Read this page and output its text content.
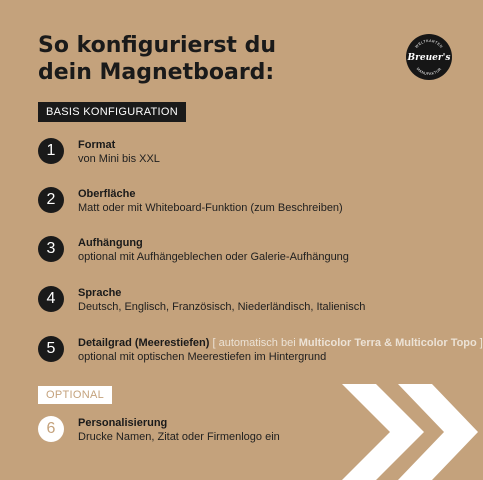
So konfigurierst du
dein Magnetboard:
WELTKARTEN
Breuer's
MANUFAKTUR
BASIS KONFIGURATION
1	Format
von Mini bis XXL
2	Oberfläche
Matt oder mit Whiteboard-Funktion (zum Beschreiben)
3	Aufhängung
optional mit Aufhängeblechen oder Galerie-Aufhängung
4	Sprache
Deutsch, Englisch, Französisch, Niederländisch, Italienisch
5	Detailgrad (Meerestiefen) [ automatisch bei Multicolor Terra & Multicolor Topo ]
optional mit optischen Meerestiefen im Hintergrund
OPTIONAL
6	Personalisierung
Drucke Namen, Zitat oder Firmenlogo ein
